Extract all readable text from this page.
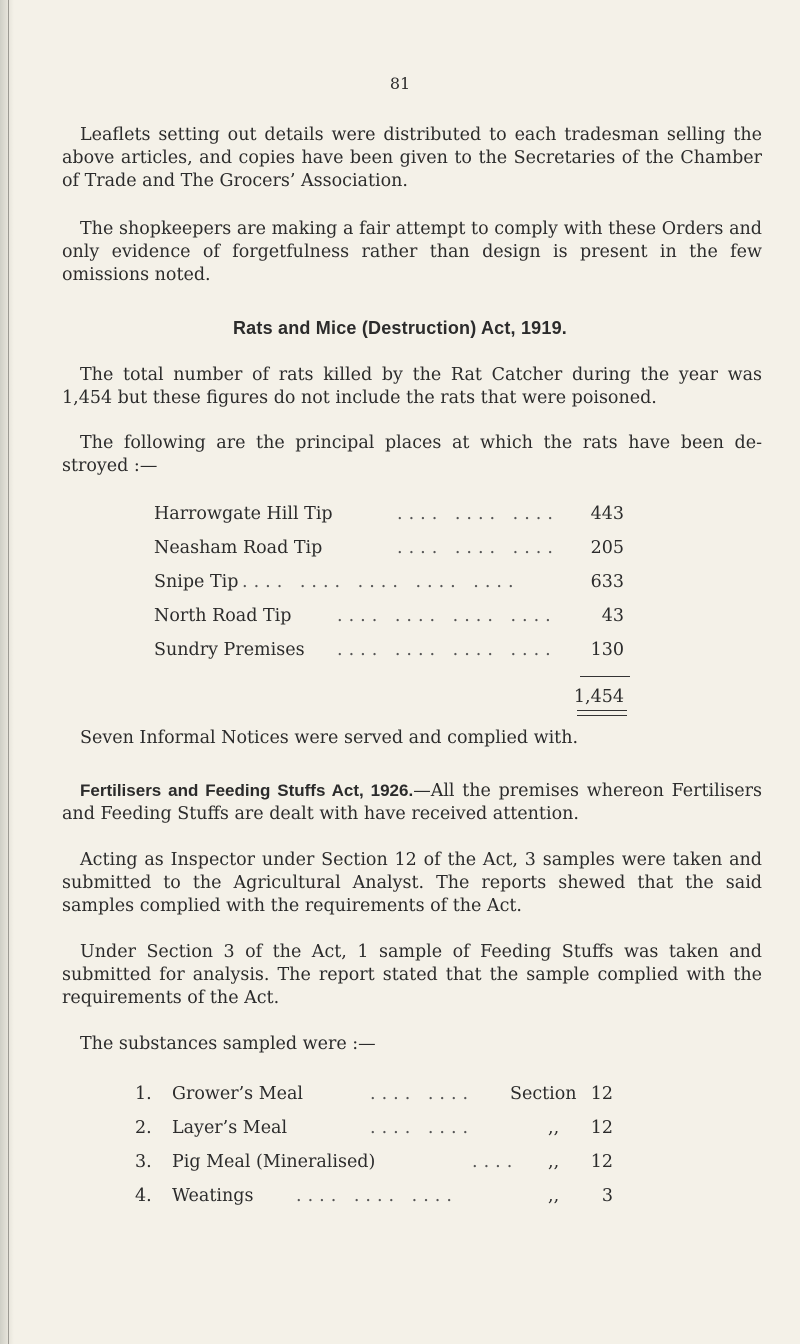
81

Leaflets setting out details were distributed to each tradesman selling the above articles, and copies have been given to the Secretaries of the Chamber of Trade and The Grocers’ Association.

The shopkeepers are making a fair attempt to comply with these Orders and only evidence of forgetfulness rather than design is present in the few omissions noted.

Rats and Mice (Destruction) Act, 1919.

The total number of rats killed by the Rat Catcher during the year was 1,454 but these figures do not include the rats that were poisoned.

The following are the principal places at which the rats have been de-stroyed :—

Harrowgate Hill Tip	.... .... ....	443
Neasham Road Tip	.... .... ....	205
Snipe Tip .... .... .... .... ....	633
North Road Tip	.... .... .... ....	43
Sundry Premises .... .... .... ....	130
1,454

Seven Informal Notices were served and complied with.

Fertilisers and Feeding Stuffs Act, 1926.—All the premises whereon Fertilisers and Feeding Stuffs are dealt with have received attention.

Acting as Inspector under Section 12 of the Act, 3 samples were taken and submitted to the Agricultural Analyst. The reports shewed that the said samples complied with the requirements of the Act.

Under Section 3 of the Act, 1 sample of Feeding Stuffs was taken and submitted for analysis. The report stated that the sample complied with the requirements of the Act.

The substances sampled were :—

1. Grower’s Meal	.... .... Section 12
2. Layer’s Meal	.... ....	,,	12
3. Pig Meal (Mineralised)	.... ,,	12
4. Weatings .... .... ....	,,	3
